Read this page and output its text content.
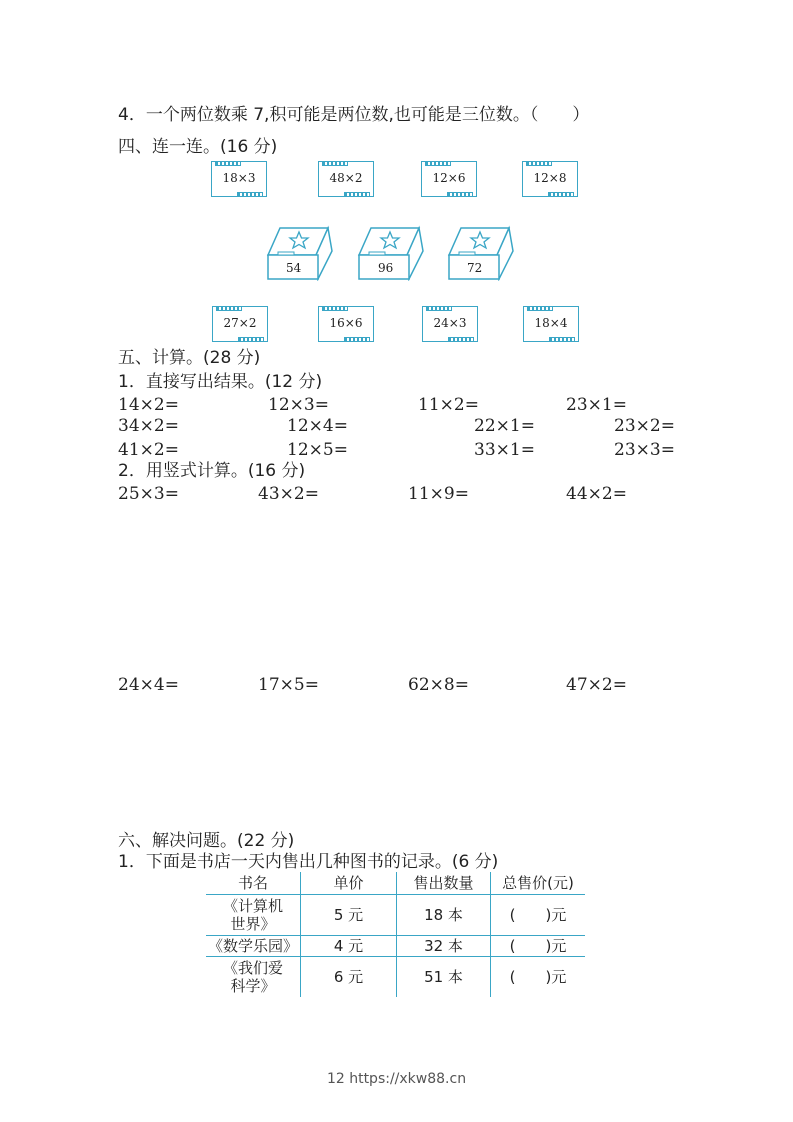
4．一个两位数乘 7,积可能是两位数,也可能是三位数。（　　）
四、连一连。(16 分)
18×3	48×2	12×6	12×8
54	96	72
27×2	16×6	24×3	18×4
五、计算。(28 分)
1．直接写出结果。(12 分)
14×2=	12×3=	11×2=	23×1=
34×2=	12×4=	22×1=	23×2=
41×2=	12×5=	33×1=	23×3=
2．用竖式计算。(16 分)
25×3=	43×2=	11×9=	44×2=
24×4=	17×5=	62×8=	47×2=
六、解决问题。(22 分)
1．下面是书店一天内售出几种图书的记录。(6 分)
书名	单价	售出数量	总售价(元)
《计算机世界》	5 元	18 本	(　　)元
《数学乐园》	4 元	32 本	(　　)元
《我们爱科学》	6 元	51 本	(　　)元
12 https://xkw88.cn
